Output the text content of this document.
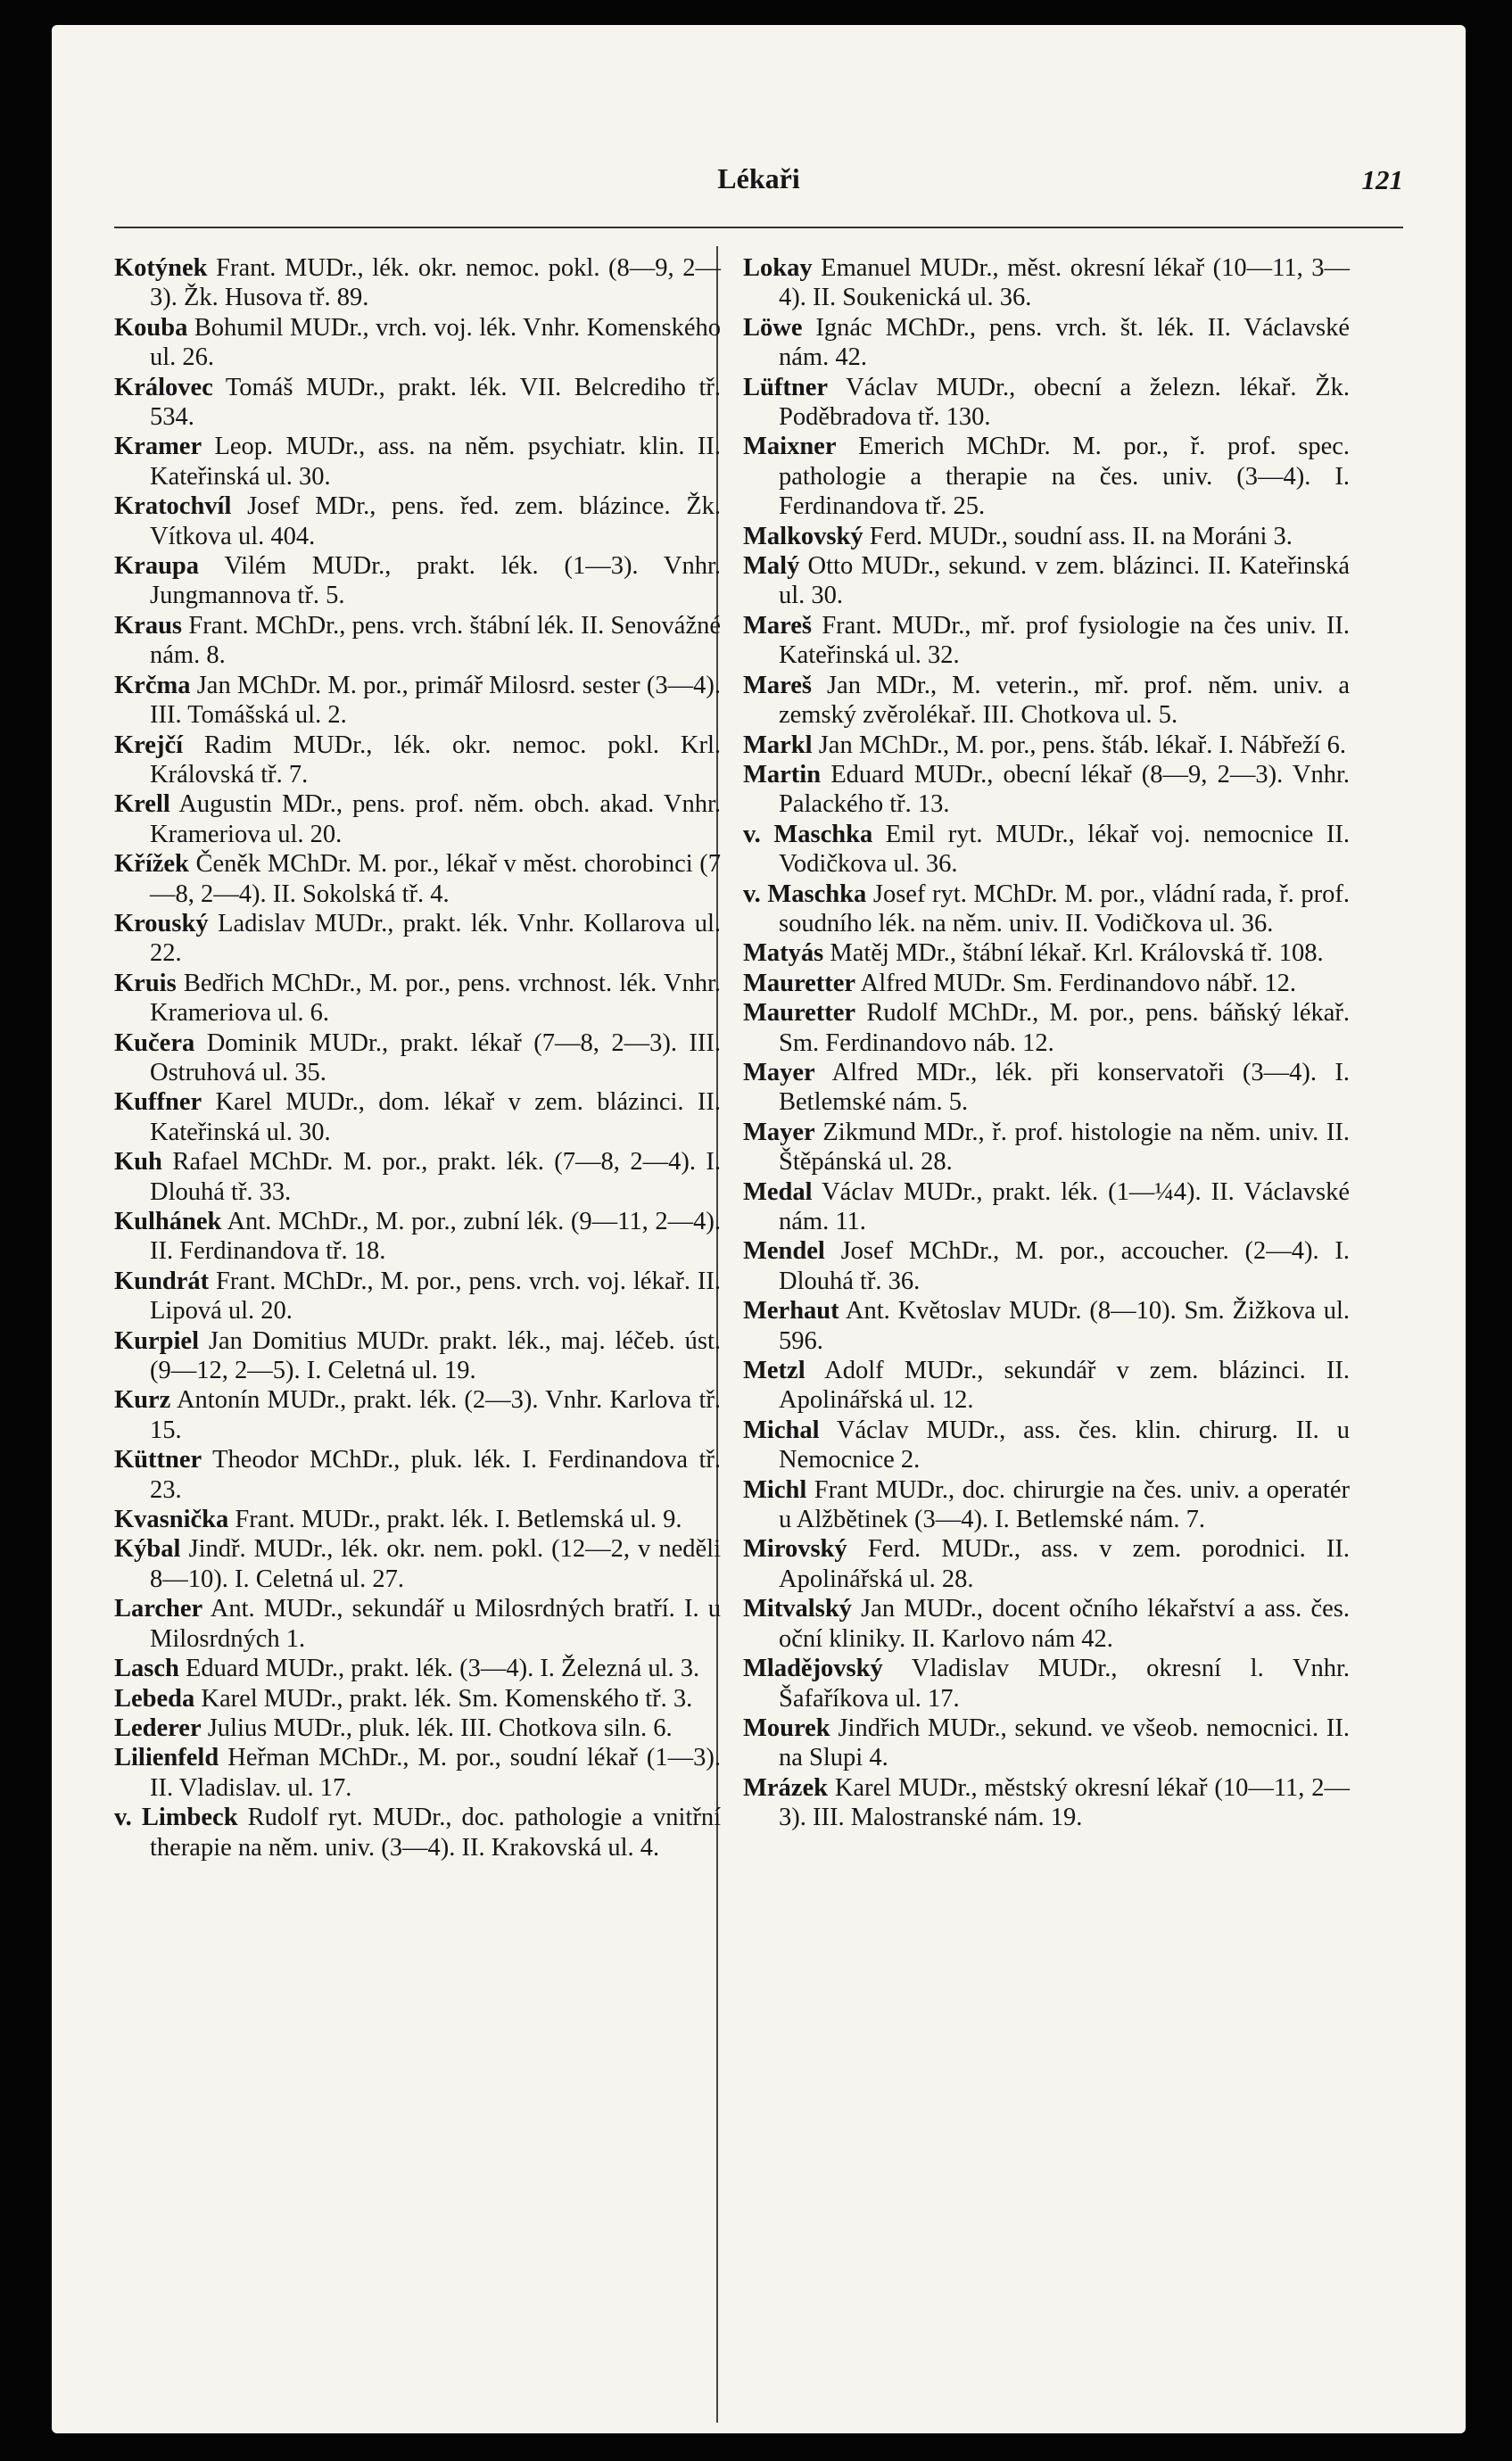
Lékaři	121

Kotýnek Frant. MUDr., lék. okr. nemoc. pokl. (8—9, 2—3). Žk. Husova tř. 89.

Kouba Bohumil MUDr., vrch. voj. lék. Vnhr. Komenského ul. 26.

Královec Tomáš MUDr., prakt. lék. VII. Belcrediho tř. 534.

Kramer Leop. MUDr., ass. na něm. psychiatr. klin. II. Kateřinská ul. 30.

Kratochvíl Josef MDr., pens. řed. zem. blázince. Žk. Vítkova ul. 404.

Kraupa Vilém MUDr., prakt. lék. (1—3). Vnhr. Jungmannova tř. 5.

Kraus Frant. MChDr., pens. vrch. štábní lék. II. Senovážné nám. 8.

Krčma Jan MChDr. M. por., primář Milosrd. sester (3—4). III. Tomášská ul. 2.

Krejčí Radim MUDr., lék. okr. nemoc. pokl. Krl. Královská tř. 7.

Krell Augustin MDr., pens. prof. něm. obch. akad. Vnhr. Krameriova ul. 20.

Křížek Čeněk MChDr. M. por., lékař v měst. chorobinci (7—8, 2—4). II. Sokolská tř. 4.

Krouský Ladislav MUDr., prakt. lék. Vnhr. Kollarova ul. 22.

Kruis Bedřich MChDr., M. por., pens. vrchnost. lék. Vnhr. Krameriova ul. 6.

Kučera Dominik MUDr., prakt. lékař (7—8, 2—3). III. Ostruhová ul. 35.

Kuffner Karel MUDr., dom. lékař v zem. blázinci. II. Kateřinská ul. 30.

Kuh Rafael MChDr. M. por., prakt. lék. (7—8, 2—4). I. Dlouhá tř. 33.

Kulhánek Ant. MChDr., M. por., zubní lék. (9—11, 2—4). II. Ferdinandova tř. 18.

Kundrát Frant. MChDr., M. por., pens. vrch. voj. lékař. II. Lipová ul. 20.

Kurpiel Jan Domitius MUDr. prakt. lék., maj. léčeb. úst. (9—12, 2—5). I. Celetná ul. 19.

Kurz Antonín MUDr., prakt. lék. (2—3). Vnhr. Karlova tř. 15.

Küttner Theodor MChDr., pluk. lék. I. Ferdinandova tř. 23.

Kvasnička Frant. MUDr., prakt. lék. I. Betlemská ul. 9.

Kýbal Jindř. MUDr., lék. okr. nem. pokl. (12—2, v neděli 8—10). I. Celetná ul. 27.

Larcher Ant. MUDr., sekundář u Milosrdných bratří. I. u Milosrdných 1.

Lasch Eduard MUDr., prakt. lék. (3—4). I. Železná ul. 3.

Lebeda Karel MUDr., prakt. lék. Sm. Komenského tř. 3.

Lederer Julius MUDr., pluk. lék. III. Chotkova siln. 6.

Lilienfeld Heřman MChDr., M. por., soudní lékař (1—3). II. Vladislav. ul. 17.

v. Limbeck Rudolf ryt. MUDr., doc. pathologie a vnitřní therapie na něm. univ. (3—4). II. Krakovská ul. 4.

Lokay Emanuel MUDr., měst. okresní lékař (10—11, 3—4). II. Soukenická ul. 36.

Löwe Ignác MChDr., pens. vrch. št. lék. II. Václavské nám. 42.

Lüftner Václav MUDr., obecní a železn. lékař. Žk. Poděbradova tř. 130.

Maixner Emerich MChDr. M. por., ř. prof. spec. pathologie a therapie na čes. univ. (3—4). I. Ferdinandova tř. 25.

Malkovský Ferd. MUDr., soudní ass. II. na Moráni 3.

Malý Otto MUDr., sekund. v zem. blázinci. II. Kateřinská ul. 30.

Mareš Frant. MUDr., mř. prof fysiologie na čes univ. II. Kateřinská ul. 32.

Mareš Jan MDr., M. veterin., mř. prof. něm. univ. a zemský zvěrolékař. III. Chotkova ul. 5.

Markl Jan MChDr., M. por., pens. štáb. lékař. I. Nábřeží 6.

Martin Eduard MUDr., obecní lékař (8—9, 2—3). Vnhr. Palackého tř. 13.

v. Maschka Emil ryt. MUDr., lékař voj. nemocnice II. Vodičkova ul. 36.

v. Maschka Josef ryt. MChDr. M. por., vládní rada, ř. prof. soudního lék. na něm. univ. II. Vodičkova ul. 36.

Matyás Matěj MDr., štábní lékař. Krl. Královská tř. 108.

Mauretter Alfred MUDr. Sm. Ferdinandovo nábř. 12.

Mauretter Rudolf MChDr., M. por., pens. báňský lékař. Sm. Ferdinandovo náb. 12.

Mayer Alfred MDr., lék. při konservatoři (3—4). I. Betlemské nám. 5.

Mayer Zikmund MDr., ř. prof. histologie na něm. univ. II. Štěpánská ul. 28.

Medal Václav MUDr., prakt. lék. (1—¼4). II. Václavské nám. 11.

Mendel Josef MChDr., M. por., accoucher. (2—4). I. Dlouhá tř. 36.

Merhaut Ant. Květoslav MUDr. (8—10). Sm. Žižkova ul. 596.

Metzl Adolf MUDr., sekundář v zem. blázinci. II. Apolinářská ul. 12.

Michal Václav MUDr., ass. čes. klin. chirurg. II. u Nemocnice 2.

Michl Frant MUDr., doc. chirurgie na čes. univ. a operatér u Alžbětinek (3—4). I. Betlemské nám. 7.

Mirovský Ferd. MUDr., ass. v zem. porodnici. II. Apolinářská ul. 28.

Mitvalský Jan MUDr., docent očního lékařství a ass. čes. oční kliniky. II. Karlovo nám 42.

Mladějovský Vladislav MUDr., okresní l. Vnhr. Šafaříkova ul. 17.

Mourek Jindřich MUDr., sekund. ve všeob. nemocnici. II. na Slupi 4.

Mrázek Karel MUDr., městský okresní lékař (10—11, 2—3). III. Malostranské nám. 19.
